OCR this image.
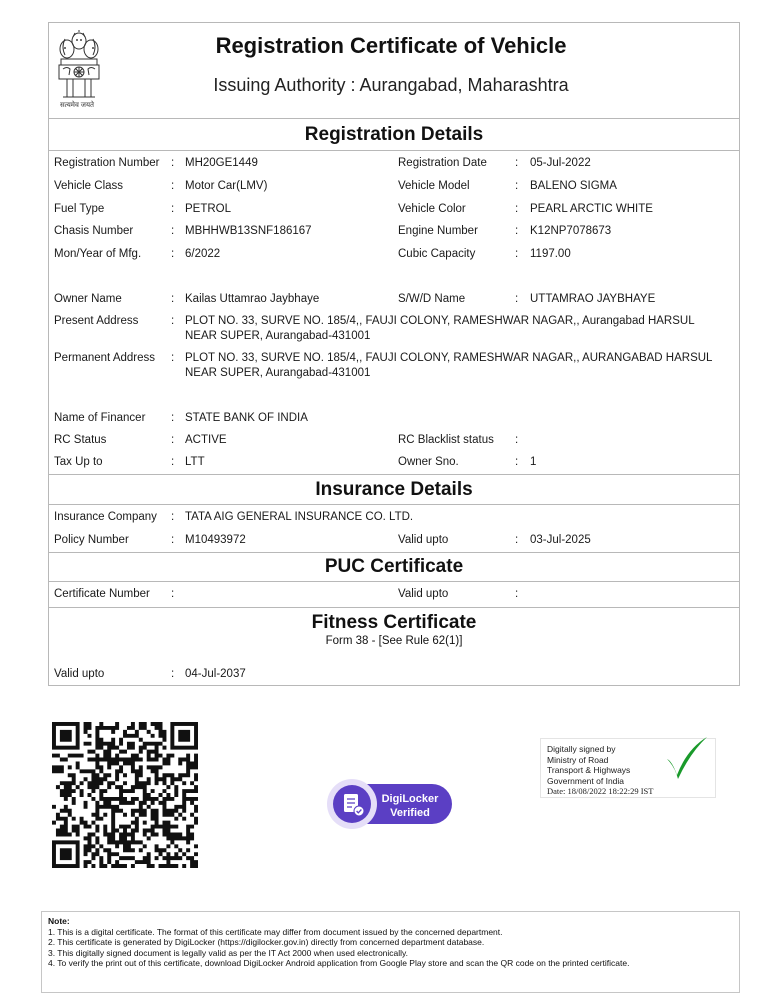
सत्यमेव जयते
Registration Certificate of Vehicle
Issuing Authority : Aurangabad, Maharashtra
Registration Details
Registration Number : MH20GE1449	Registration Date : 05-Jul-2022
Vehicle Class	: Motor Car(LMV)	Vehicle Model	: BALENO SIGMA
Fuel Type	: PETROL	Vehicle Color	: PEARL ARCTIC WHITE
Chasis Number	: MBHHWB13SNF186167	Engine Number	: K12NP7078673
Mon/Year of Mfg.	: 6/2022	Cubic Capacity	: 1197.00
Owner Name	: Kailas Uttamrao Jaybhaye	S/W/D Name	: UTTAMRAO JAYBHAYE
Present Address	: PLOT NO. 33, SURVE NO. 185/4,, FAUJI COLONY, RAMESHWAR NAGAR,, Aurangabad HARSUL NEAR SUPER, Aurangabad-431001
Permanent Address : PLOT NO. 33, SURVE NO. 185/4,, FAUJI COLONY, RAMESHWAR NAGAR,, AURANGABAD HARSUL NEAR SUPER, Aurangabad-431001
Name of Financer : STATE BANK OF INDIA
RC Status	: ACTIVE	RC Blacklist status :
Tax Up to	: LTT	Owner Sno.	: 1
Insurance Details
Insurance Company : TATA AIG GENERAL INSURANCE CO. LTD.
Policy Number	: M10493972	Valid upto	: 03-Jul-2025
PUC Certificate
Certificate Number :	Valid upto	:
Fitness Certificate
Form 38 - [See Rule 62(1)]
Valid upto	: 04-Jul-2037
DigiLocker
Verified
Digitally signed by
Ministry of Road
Transport & Highways
Government of India
Date: 18/08/2022 18:22:29 IST
Note:
1. This is a digital certificate. The format of this certificate may differ from document issued by the concerned department.
2. This certificate is generated by DigiLocker (https://digilocker.gov.in) directly from concerned department database.
3. This digitally signed document is legally valid as per the IT Act 2000 when used electronically.
4. To verify the print out of this certificate, download DigiLocker Android application from Google Play store and scan the QR code on the printed certificate.
